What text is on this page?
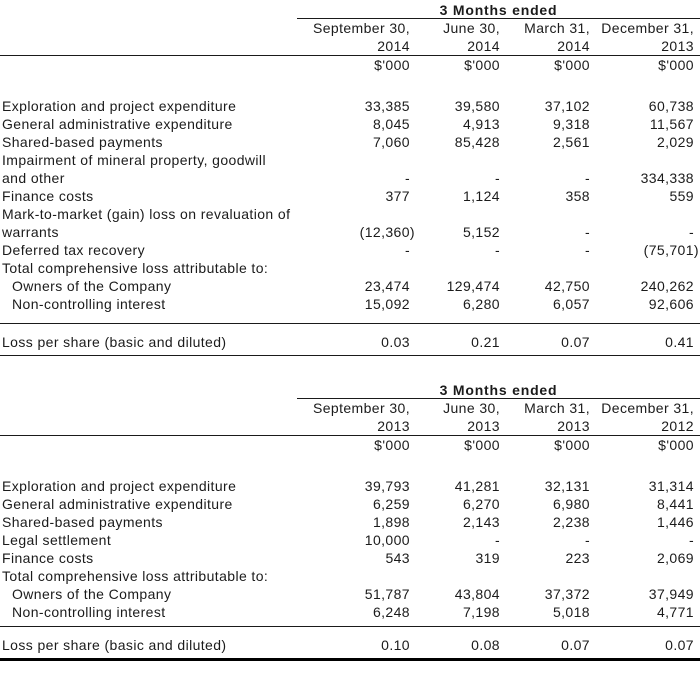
3 Months ended
September 30,	June 30,	March 31, December 31,
2014	2014	2014	2013
$'000	$'000	$'000	$'000
Exploration and project expenditure	33,385	39,580	37,102	60,738
General administrative expenditure	8,045	4,913	9,318	11,567
Shared-based payments	7,060	85,428	2,561	2,029
Impairment of mineral property, goodwill
and other	-	-	-	334,338
Finance costs	377	1,124	358	559
Mark-to-market (gain) loss on revaluation of
warrants	(12,360)	5,152	-	-
Deferred tax recovery	-	-	-	(75,701)
Total comprehensive loss attributable to:
Owners of the Company	23,474	129,474	42,750	240,262
Non-controlling interest	15,092	6,280	6,057	92,606
Loss per share (basic and diluted)	0.03	0.21	0.07	0.41
3 Months ended
September 30,	June 30,	March 31, December 31,
2013	2013	2013	2012
$'000	$'000	$'000	$'000
Exploration and project expenditure	39,793	41,281	32,131	31,314
General administrative expenditure	6,259	6,270	6,980	8,441
Shared-based payments	1,898	2,143	2,238	1,446
Legal settlement	10,000	-	-	-
Finance costs	543	319	223	2,069
Total comprehensive loss attributable to:
Owners of the Company	51,787	43,804	37,372	37,949
Non-controlling interest	6,248	7,198	5,018	4,771
Loss per share (basic and diluted)	0.10	0.08	0.07	0.07
